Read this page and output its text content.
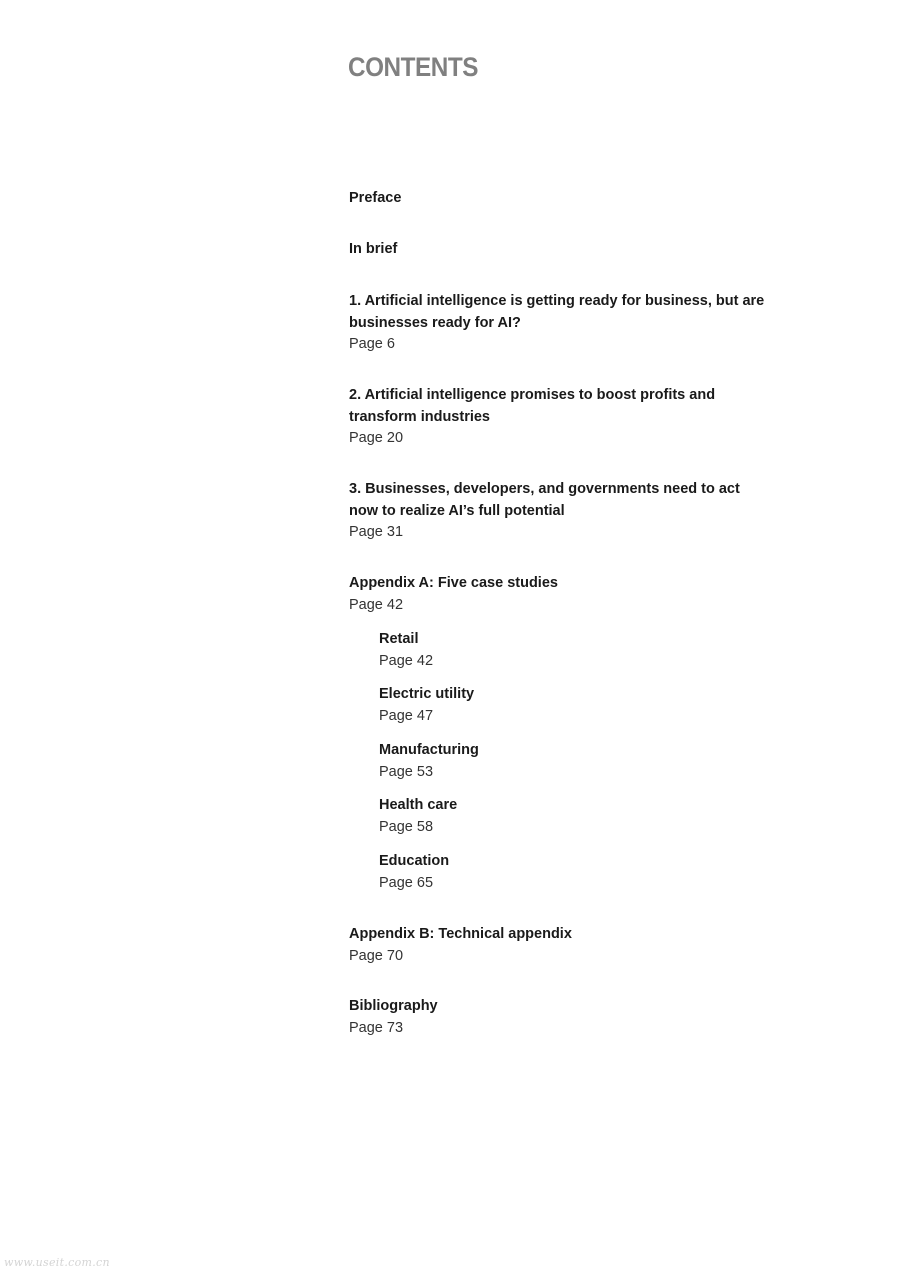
CONTENTS
Preface
In brief
1. Artificial intelligence is getting ready for business, but are businesses ready for AI?
Page 6
2. Artificial intelligence promises to boost profits and transform industries
Page 20
3. Businesses, developers, and governments need to act now to realize AI’s full potential
Page 31
Appendix A: Five case studies
Page 42
Retail
Page 42
Electric utility
Page 47
Manufacturing
Page 53
Health care
Page 58
Education
Page 65
Appendix B: Technical appendix
Page 70
Bibliography
Page 73
www.useit.com.cn
